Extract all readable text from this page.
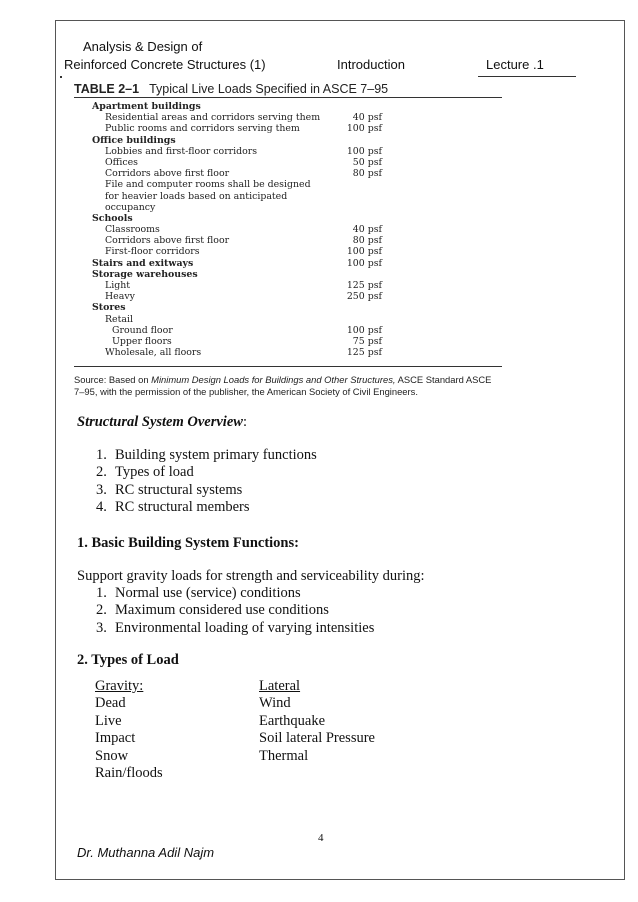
Analysis & Design of
Reinforced Concrete Structures (1)	Introduction	Lecture .1
TABLE 2–1 Typical Live Loads Specified in ASCE 7–95
Apartment buildings
Residential areas and corridors serving them	40 psf
Public rooms and corridors serving them	100 psf
Office buildings
Lobbies and first-floor corridors	100 psf
Offices	50 psf
Corridors above first floor	80 psf
File and computer rooms shall be designed
for heavier loads based on anticipated
occupancy
Schools
Classrooms	40 psf
Corridors above first floor	80 psf
First-floor corridors	100 psf
Stairs and exitways	100 psf
Storage warehouses
Light	125 psf
Heavy	250 psf
Stores
Retail
Ground floor	100 psf
Upper floors	75 psf
Wholesale, all floors	125 psf
Source: Based on Minimum Design Loads for Buildings and Other Structures, ASCE Standard ASCE 7–95, with the permission of the publisher, the American Society of Civil Engineers.
Structural System Overview:
1. Building system primary functions
2. Types of load
3. RC structural systems
4. RC structural members
1. Basic Building System Functions:
Support gravity loads for strength and serviceability during:
1. Normal use (service) conditions
2. Maximum considered use conditions
3. Environmental loading of varying intensities
2. Types of Load
Gravity:
Dead
Live
Impact
Snow
Rain/floods
Lateral
Wind
Earthquake
Soil lateral Pressure
Thermal
4
Dr. Muthanna Adil Najm
